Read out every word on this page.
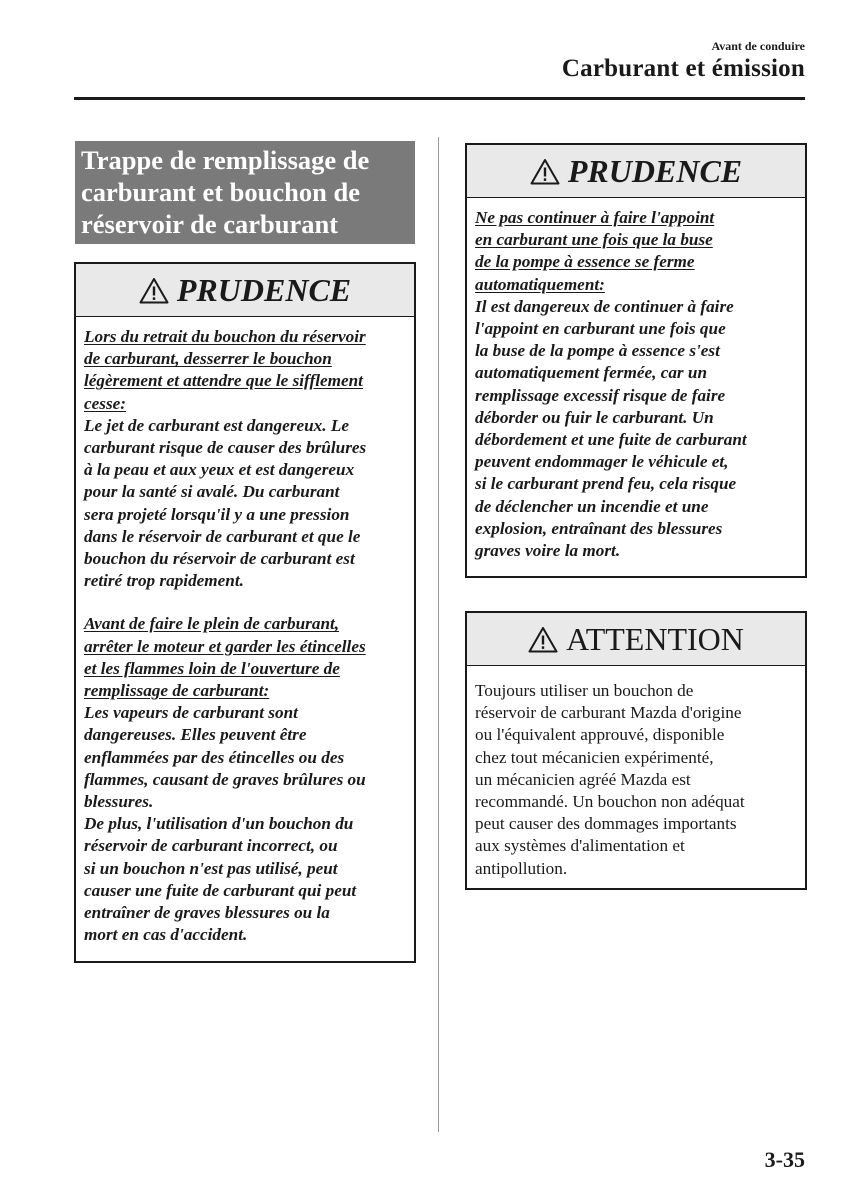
Avant de conduire
Carburant et émission
Trappe de remplissage de
carburant et bouchon de
réservoir de carburant
PRUDENCE

Lors du retrait du bouchon du réservoir

de carburant, desserrer le bouchon

légèrement et attendre que le sifflement

cesse:

Le jet de carburant est dangereux. Le

carburant risque de causer des brûlures

à la peau et aux yeux et est dangereux

pour la santé si avalé. Du carburant

sera projeté lorsqu'il y a une pression

dans le réservoir de carburant et que le

bouchon du réservoir de carburant est

retiré trop rapidement.

Avant de faire le plein de carburant,

arrêter le moteur et garder les étincelles

et les flammes loin de l'ouverture de

remplissage de carburant:

Les vapeurs de carburant sont

dangereuses. Elles peuvent être

enflammées par des étincelles ou des

flammes, causant de graves brûlures ou

blessures.

De plus, l'utilisation d'un bouchon du

réservoir de carburant incorrect, ou

si un bouchon n'est pas utilisé, peut

causer une fuite de carburant qui peut

entraîner de graves blessures ou la

mort en cas d'accident.

PRUDENCE

Ne pas continuer à faire l'appoint

en carburant une fois que la buse

de la pompe à essence se ferme

automatiquement:

Il est dangereux de continuer à faire

l'appoint en carburant une fois que

la buse de la pompe à essence s'est

automatiquement fermée, car un

remplissage excessif risque de faire

déborder ou fuir le carburant. Un

débordement et une fuite de carburant

peuvent endommager le véhicule et,

si le carburant prend feu, cela risque

de déclencher un incendie et une

explosion, entraînant des blessures

graves voire la mort.

ATTENTION

Toujours utiliser un bouchon de

réservoir de carburant Mazda d'origine

ou l'équivalent approuvé, disponible

chez tout mécanicien expérimenté,

un mécanicien agréé Mazda est

recommandé. Un bouchon non adéquat

peut causer des dommages importants

aux systèmes d'alimentation et

antipollution.

3-35
